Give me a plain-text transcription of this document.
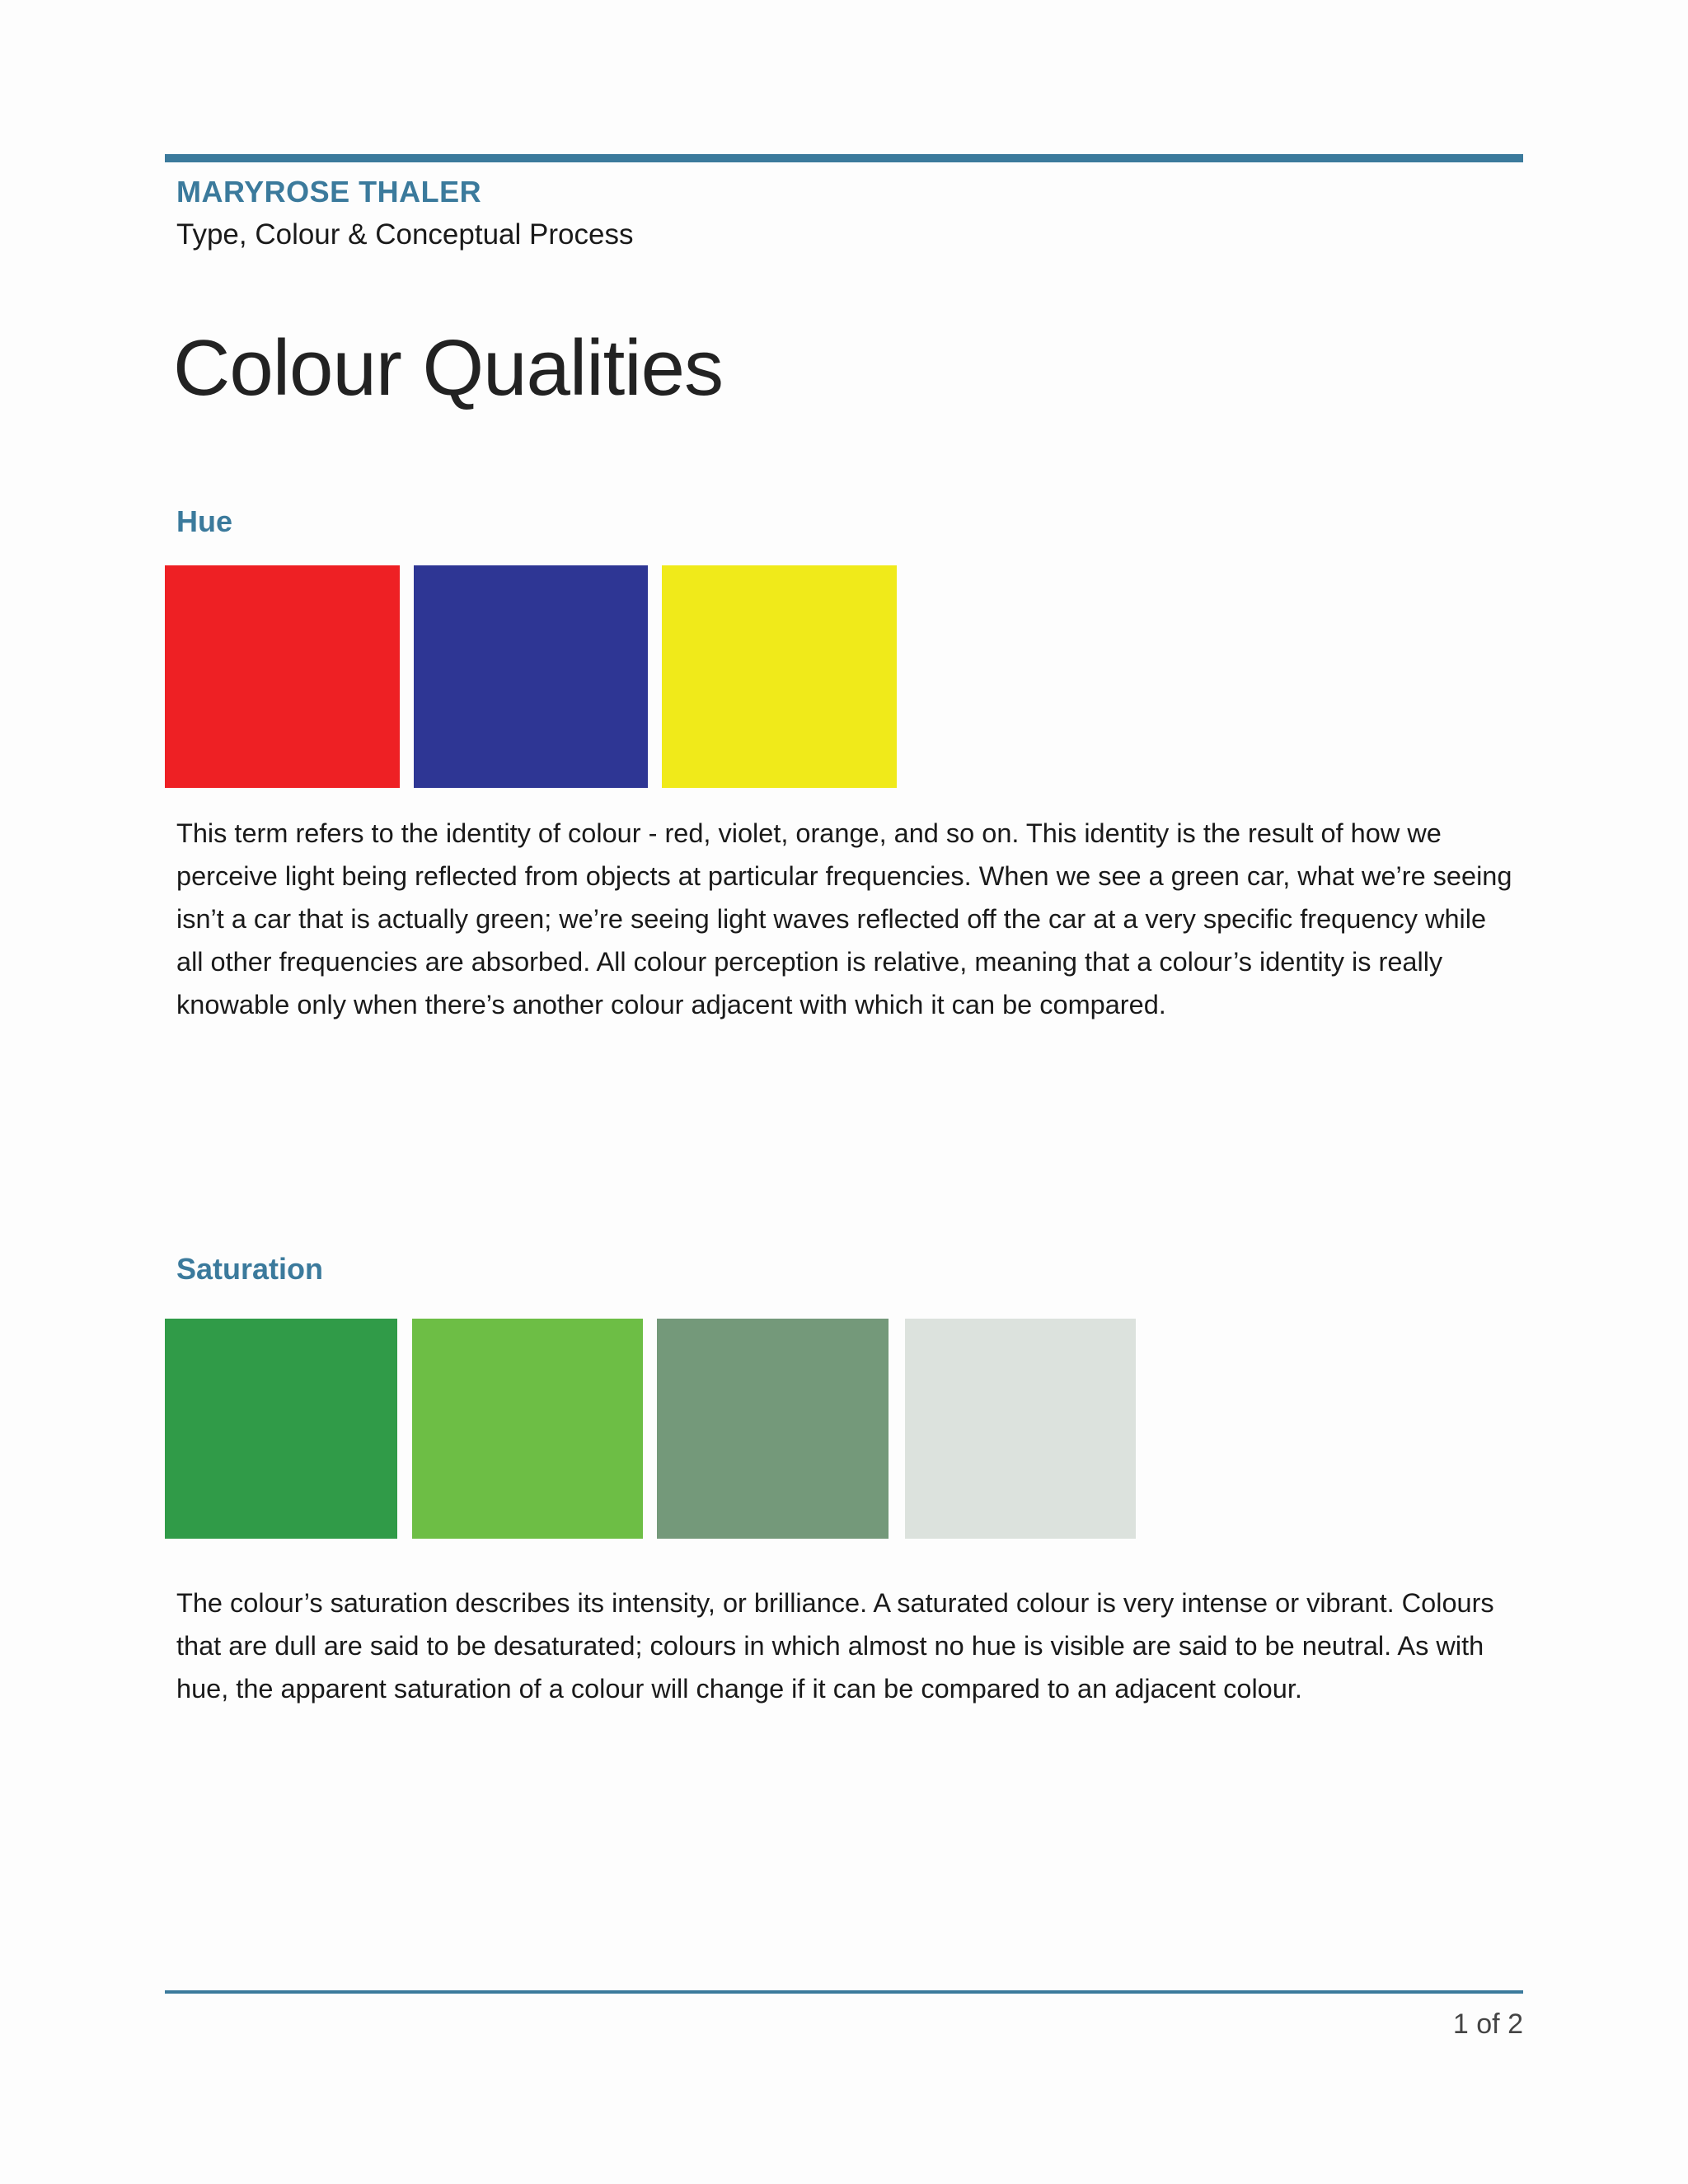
MARYROSE THALER
Type, Colour & Conceptual Process
Colour Qualities
Hue

This term refers to the identity of colour - red, violet, orange, and so on. This identity is the result of how we perceive light being reflected from objects at particular frequencies. When we see a green car, what we’re seeing isn’t a car that is actually green; we’re seeing light waves reflected off the car at a very specific frequency while all other frequencies are absorbed. All colour perception is relative, meaning that a colour’s identity is really knowable only when there’s another colour adjacent with which it can be compared.

Saturation

The colour’s saturation describes its intensity, or brilliance. A saturated colour is very intense or vibrant. Colours that are dull are said to be desaturated; colours in which almost no hue is visible are said to be neutral. As with hue, the apparent saturation of a colour will change if it can be compared to an adjacent colour.

1 of 2
